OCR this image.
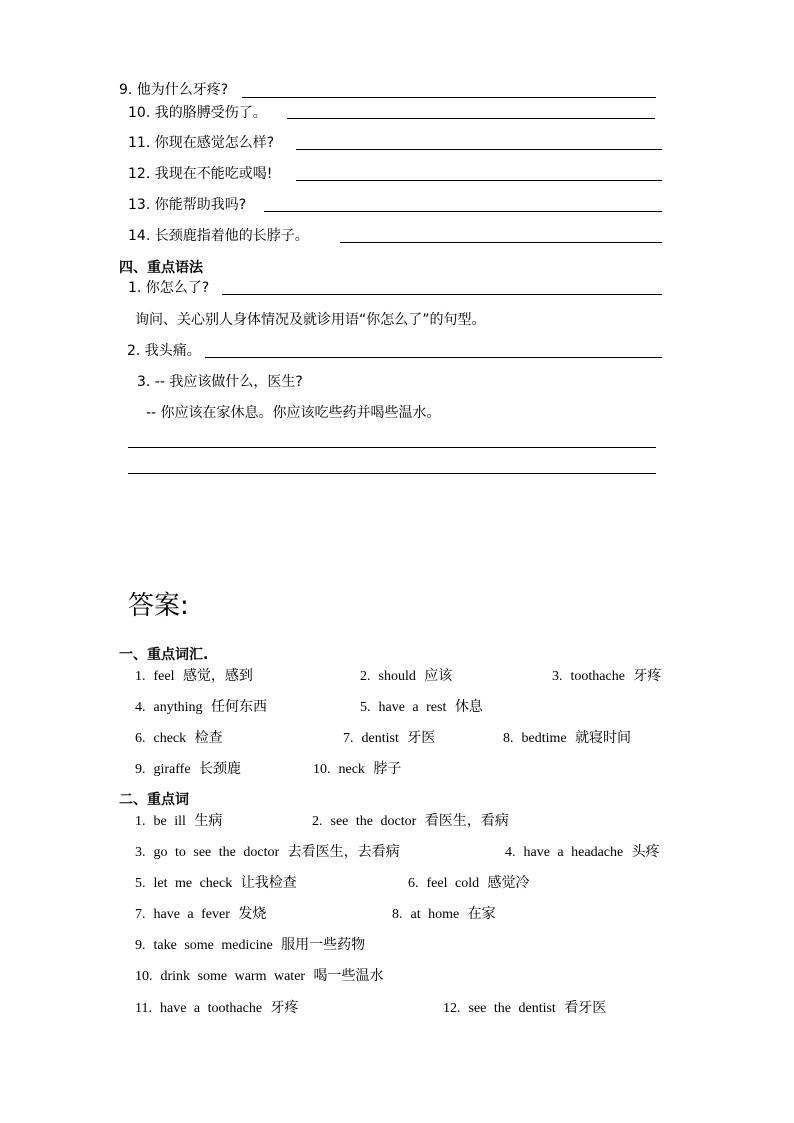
9. 他为什么牙疼?
10. 我的胳膊受伤了。
11. 你现在感觉怎么样?
12. 我现在不能吃或喝!
13. 你能帮助我吗?
14. 长颈鹿指着他的长脖子。
四、重点语法
1. 你怎么了?
询问、关心别人身体情况及就诊用语“你怎么了”的句型。
2. 我头痛。
3. -- 我应该做什么，医生?
-- 你应该在家休息。你应该吃些药并喝些温水。
答案:
一、重点词汇.
1. feel 感觉，感到	2. should 应该	3. toothache 牙疼
4. anything 任何东西	5. have a rest 休息
6. check 检查	7. dentist 牙医	8. bedtime 就寝时间
9. giraffe 长颈鹿	10. neck 脖子
二、重点词
1. be ill 生病	2. see the doctor 看医生，看病
3. go to see the doctor 去看医生，去看病	4. have a headache 头疼
5. let me check 让我检查	6. feel cold 感觉冷
7. have a fever 发烧	8. at home 在家
9. take some medicine 服用一些药物
10. drink some warm water 喝一些温水
11. have a toothache 牙疼	12. see the dentist 看牙医
